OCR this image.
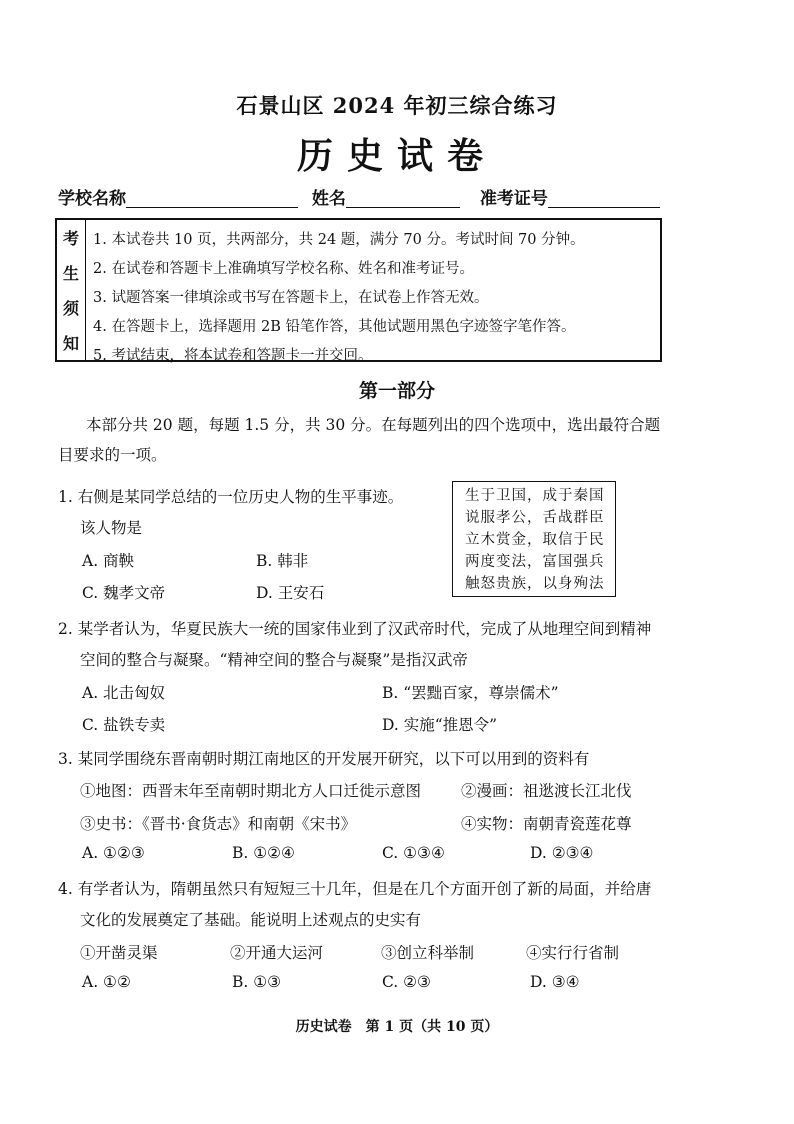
石景山区 2024 年初三综合练习
历史试卷
学校名称	姓名	准考证号
考
生
须
知
1. 本试卷共 10 页，共两部分，共 24 题，满分 70 分。考试时间 70 分钟。
2. 在试卷和答题卡上准确填写学校名称、姓名和准考证号。
3. 试题答案一律填涂或书写在答题卡上，在试卷上作答无效。
4. 在答题卡上，选择题用 2B 铅笔作答，其他试题用黑色字迹签字笔作答。
5. 考试结束，将本试卷和答题卡一并交回。
第一部分
本部分共 20 题，每题 1.5 分，共 30 分。在每题列出的四个选项中，选出最符合题目要求的一项。
1. 右侧是某同学总结的一位历史人物的生平事迹。
该人物是
A. 商鞅	B. 韩非
C. 魏孝文帝	D. 王安石
生于卫国，成于秦国
说服孝公，舌战群臣
立木赏金，取信于民
两度变法，富国强兵
触怒贵族，以身殉法
2. 某学者认为，华夏民族大一统的国家伟业到了汉武帝时代，完成了从地理空间到精神
空间的整合与凝聚。“精神空间的整合与凝聚”是指汉武帝
A. 北击匈奴	B. “罢黜百家，尊崇儒术”
C. 盐铁专卖	D. 实施“推恩令”
3. 某同学围绕东晋南朝时期江南地区的开发展开研究，以下可以用到的资料有
①地图：西晋末年至南朝时期北方人口迁徙示意图	②漫画：祖逖渡长江北伐
③史书：《晋书·食货志》和南朝《宋书》	④实物：南朝青瓷莲花尊
A. ①②③	B. ①②④	C. ①③④	D. ②③④
4. 有学者认为，隋朝虽然只有短短三十几年，但是在几个方面开创了新的局面，并给唐
文化的发展奠定了基础。能说明上述观点的史实有
①开凿灵渠	②开通大运河	③创立科举制	④实行行省制
A. ①②	B. ①③	C. ②③	D. ③④
历史试卷　第 1 页（共 10 页）
